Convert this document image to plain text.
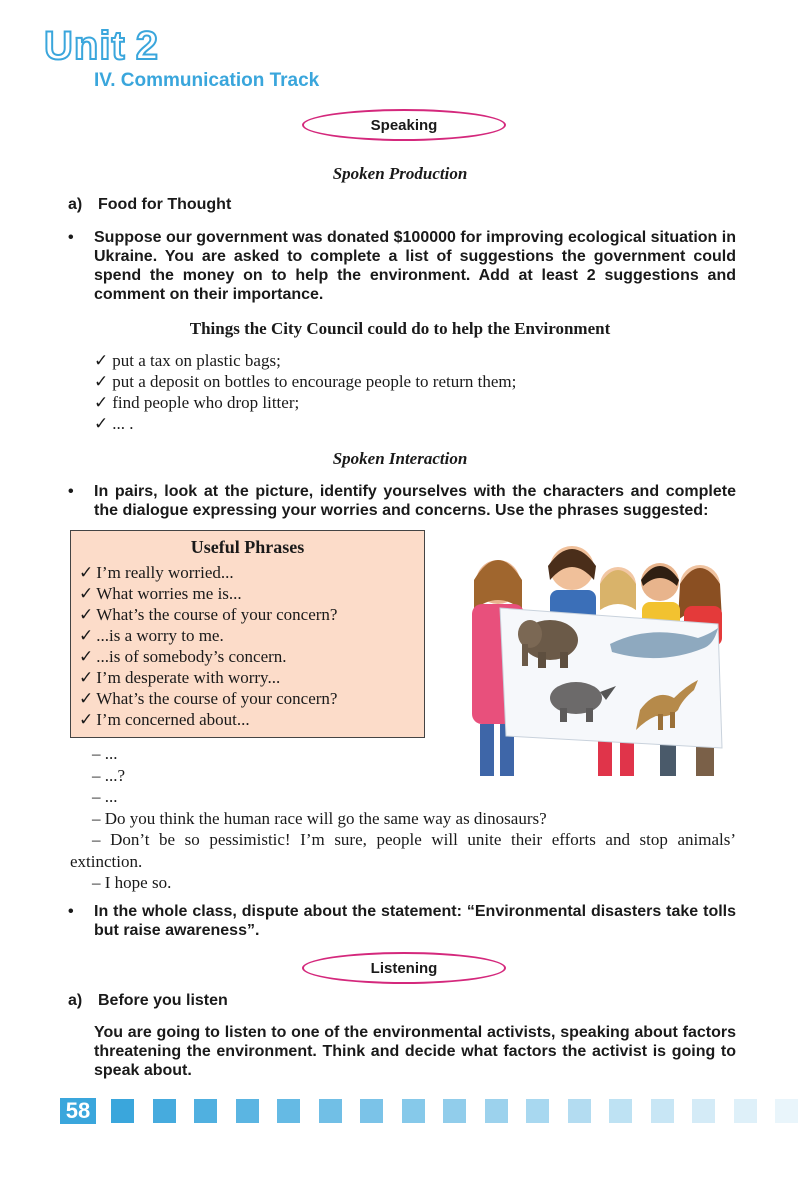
Unit 2
IV. Communication Track
Speaking
Spoken Production
a) Food for Thought
• Suppose our government was donated $100000 for improving ecological situation in Ukraine. You are asked to complete a list of suggestions the government could spend the money on to help the environment. Add at least 2 suggestions and comment on their importance.
Things the City Council could do to help the Environment
✓ put a tax on plastic bags;
✓ put a deposit on bottles to encourage people to return them;
✓ find people who drop litter;
✓ ... .
Spoken Interaction
• In pairs, look at the picture, identify yourselves with the characters and complete the dialogue expressing your worries and concerns. Use the phrases suggested:
Useful Phrases
✓ I’m really worried...
✓ What worries me is...
✓ What’s the course of your concern?
✓ ...is a worry to me.
✓ ...is of somebody’s concern.
✓ I’m desperate with worry...
✓ What’s the course of your concern?
✓ I’m concerned about...
– ...
– ...?
– ...
– Do you think the human race will go the same way as dinosaurs?
– Don’t be so pessimistic! I’m sure, people will unite their efforts and stop animals’ extinction.
– I hope so.
• In the whole class, dispute about the statement: “Environmental disasters take tolls but raise awareness”.
Listening
a) Before you listen
You are going to listen to one of the environmental activists, speaking about factors threatening the environment. Think and decide what factors the activist is going to speak about.
58
